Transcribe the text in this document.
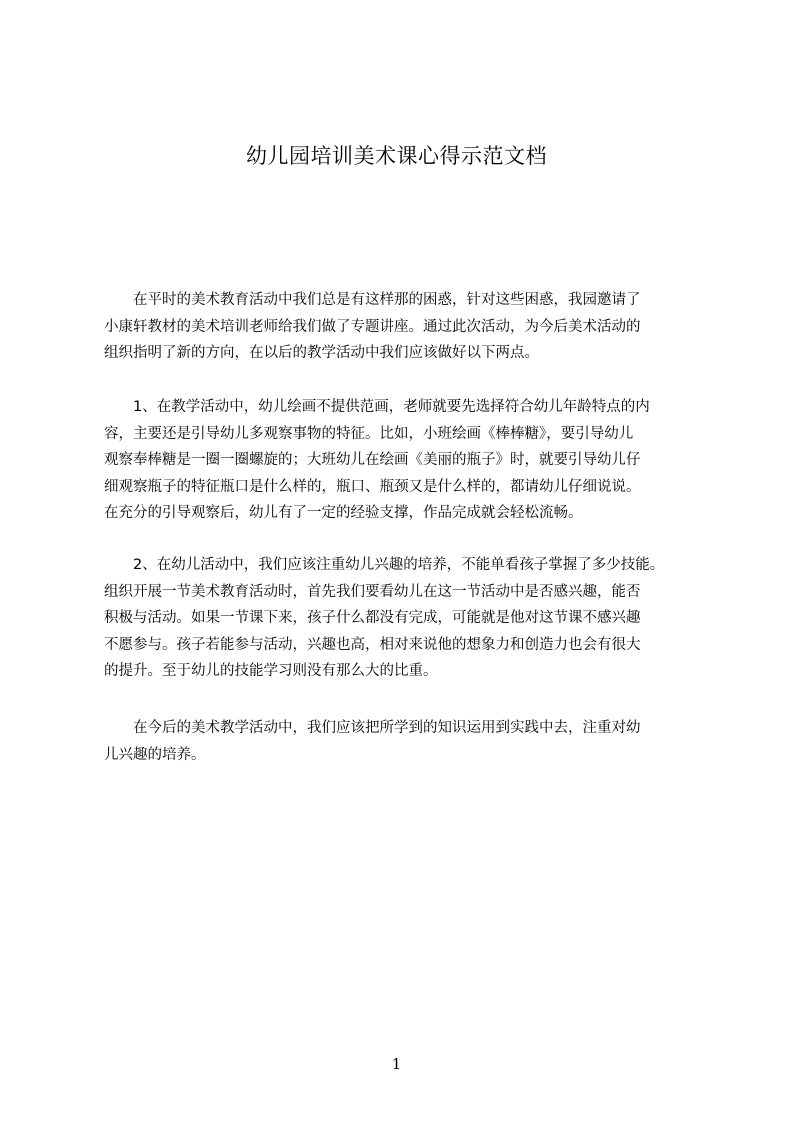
幼儿园培训美术课心得示范文档
　　在平时的美术教育活动中我们总是有这样那的困惑，针对这些困惑，我园邀请了
小康轩教材的美术培训老师给我们做了专题讲座。通过此次活动，为今后美术活动的
组织指明了新的方向，在以后的教学活动中我们应该做好以下两点。
　　1、在教学活动中，幼儿绘画不提供范画，老师就要先选择符合幼儿年龄特点的内
容，主要还是引导幼儿多观察事物的特征。比如，小班绘画《棒棒糖》，要引导幼儿
观察奉棒糖是一圈一圈螺旋的；大班幼儿在绘画《美丽的瓶子》时，就要引导幼儿仔
细观察瓶子的特征瓶口是什么样的，瓶口、瓶颈又是什么样的，都请幼儿仔细说说。
在充分的引导观察后，幼儿有了一定的经验支撑，作品完成就会轻松流畅。
　　2、在幼儿活动中，我们应该注重幼儿兴趣的培养，不能单看孩子掌握了多少技能。
组织开展一节美术教育活动时，首先我们要看幼儿在这一节活动中是否感兴趣，能否
积极与活动。如果一节课下来，孩子什么都没有完成，可能就是他对这节课不感兴趣
不愿参与。孩子若能参与活动，兴趣也高，相对来说他的想象力和创造力也会有很大
的提升。至于幼儿的技能学习则没有那么大的比重。
　　在今后的美术教学活动中，我们应该把所学到的知识运用到实践中去，注重对幼
儿兴趣的培养。
1
